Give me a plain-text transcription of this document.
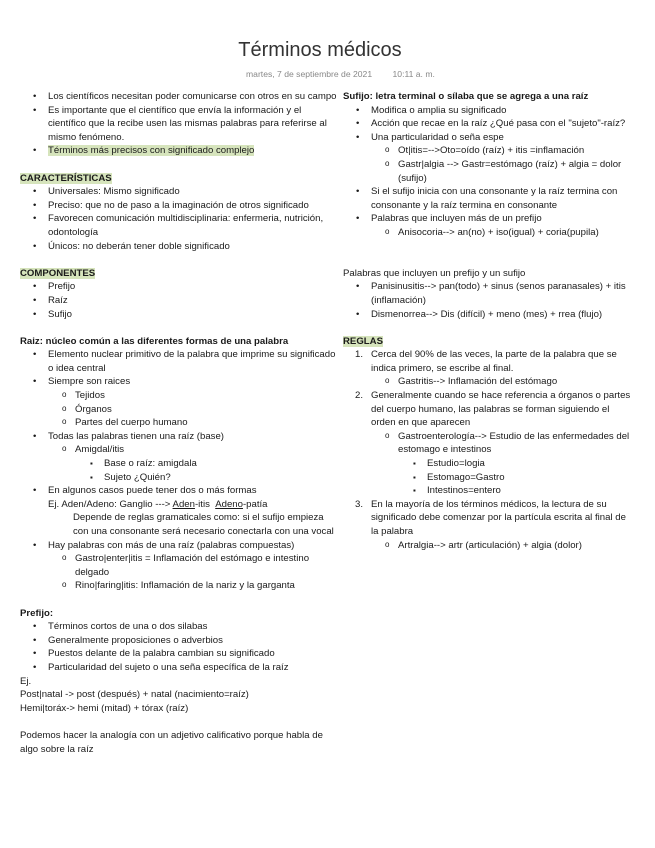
Términos médicos
martes, 7 de septiembre de 2021 10:11 a. m.
• Los científicos necesitan poder comunicarse con otros en su campo
• Es importante que el científico que envía la información y el científico que la recibe usen las mismas palabras para referirse al mismo fenómeno.
• Términos más precisos con significado complejo
CARACTERÍSTICAS
• Universales: Mismo significado
• Preciso: que no de paso a la imaginación de otros significado
• Favorecen comunicación multidisciplinaria: enfermeria, nutrición, odontología
• Únicos: no deberán tener doble significado
COMPONENTES
• Prefijo
• Raíz
• Sufijo
Raiz: núcleo común a las diferentes formas de una palabra
• Elemento nuclear primitivo de la palabra que imprime su significado o idea central
• Siempre son raices
o Tejidos
o Órganos
o Partes del cuerpo humano
• Todas las palabras tienen una raíz (base)
o Amigdal/itis
▪ Base o raíz: amigdala
▪ Sujeto ¿Quién?
• En algunos casos puede tener dos o más formas
Ej. Aden/Adeno: Ganglio ---> Aden-itis  Adeno-patía
Depende de reglas gramaticales como: si el sufijo empieza con una consonante será necesario conectarla con una vocal
• Hay palabras con más de una raíz (palabras compuestas)
o Gastro|enter|itis = Inflamación del estómago e intestino delgado
o Rino|faring|itis: Inflamación de la nariz y la garganta
Prefijo:
• Términos cortos de una o dos silabas
• Generalmente proposiciones o adverbios
• Puestos delante de la palabra cambian su significado
• Particularidad del sujeto o una seña específica de la raíz
Ej.
Post|natal -> post (después) + natal (nacimiento=raíz)
Hemi|toráx-> hemi (mitad) + tórax (raíz)
Podemos hacer la analogía con un adjetivo calificativo porque habla de algo sobre la raíz
Sufijo: letra terminal o sílaba que se agrega a una raíz
• Modifica o amplia su significado
• Acción que recae en la raíz ¿Qué pasa con el "sujeto"-raíz?
• Una particularidad o seña espe
o Ot|itis=-->Oto=oído (raíz) + itis =inflamación
o Gastr|algia --> Gastr=estómago (raíz) + algia = dolor (sufijo)
• Si el sufijo inicia con una consonante y la raíz termina con consonante y la raíz termina en consonante
• Palabras que incluyen más de un prefijo
o Anisocoria--> an(no) + iso(igual) + coria(pupila)
Palabras que incluyen un prefijo y un sufijo
• Panisinusitis--> pan(todo) + sinus (senos paranasales) + itis (inflamación)
• Dismenorrea--> Dis (difícil) + meno (mes) + rrea (flujo)
REGLAS
1. Cerca del 90% de las veces, la parte de la palabra que se indica primero, se escribe al final.
o Gastritis--> Inflamación del estómago
2. Generalmente cuando se hace referencia a órganos o partes del cuerpo humano, las palabras se forman siguiendo el orden en que aparecen
o Gastroenterología--> Estudio de las enfermedades del estomago e intestinos
▪ Estudio=logia
▪ Estomago=Gastro
▪ Intestinos=entero
3. En la mayoría de los términos médicos, la lectura de su significado debe comenzar por la partícula escrita al final de la palabra
o Artralgia--> artr (articulación) + algia (dolor)
